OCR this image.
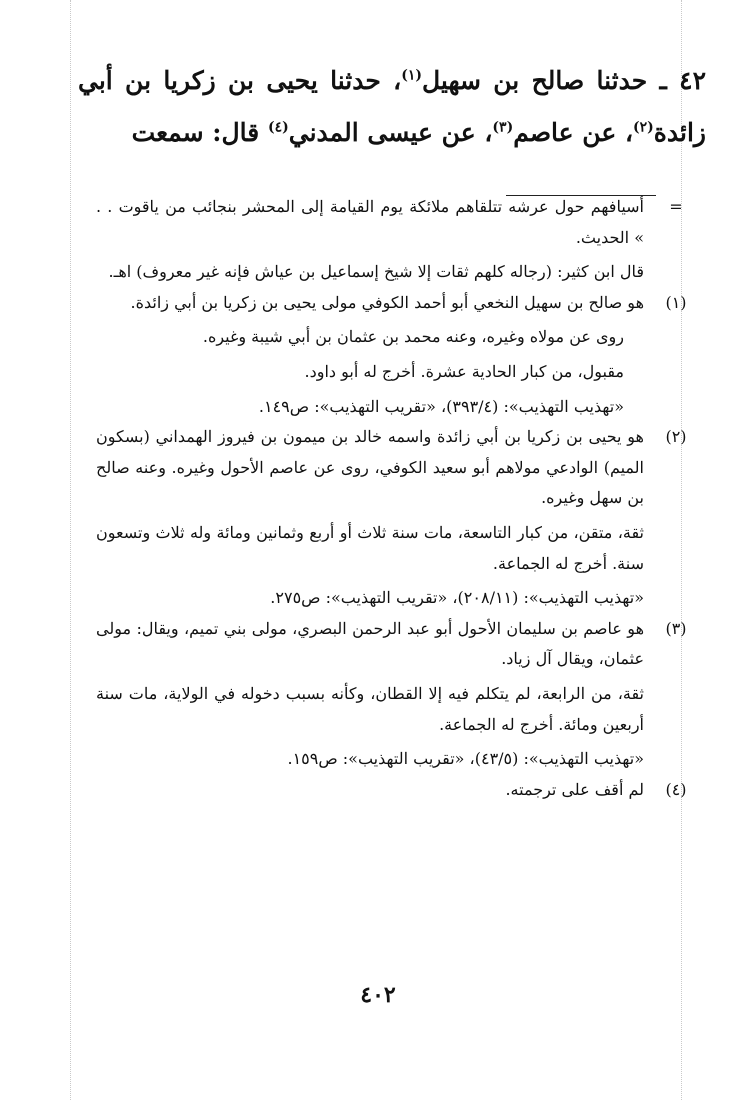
٤٢ ـ حدثنا صالح بن سهيل$^{(١)}$، حدثنا يحيى بن زكريا بن أبي زائدة$^{(٢)}$، عن عاصم$^{(٣)}$، عن عيسى المدني$^{(٤)}$ قال: سمعت
=

أسيافهم حول عرشه تتلقاهم ملائكة يوم القيامة إلى المحشر بنجائب من ياقوت . . » الحديث.

قال ابن كثير: (رجاله كلهم ثقات إلا شيخ إسماعيل بن عياش فإنه غير معروف) اهـ.

(١)

هو صالح بن سهيل النخعي أبو أحمد الكوفي مولى يحيى بن زكريا بن أبي زائدة.

روى عن مولاه وغيره، وعنه محمد بن عثمان بن أبي شيبة وغيره.

مقبول، من كبار الحادية عشرة. أخرج له أبو داود.

«تهذيب التهذيب»: (٣٩٣/٤)، «تقريب التهذيب»: ص١٤٩.

(٢)

هو يحيى بن زكريا بن أبي زائدة واسمه خالد بن ميمون بن فيروز الهمداني (بسكون الميم) الوادعي مولاهم أبو سعيد الكوفي، روى عن عاصم الأحول وغيره. وعنه صالح بن سهل وغيره.

ثقة، متقن، من كبار التاسعة، مات سنة ثلاث أو أربع وثمانين ومائة وله ثلاث وتسعون سنة. أخرج له الجماعة.

«تهذيب التهذيب»: (٢٠٨/١١)، «تقريب التهذيب»: ص٢٧٥.

(٣)

هو عاصم بن سليمان الأحول أبو عبد الرحمن البصري، مولى بني تميم، ويقال: مولى عثمان، ويقال آل زياد.

ثقة، من الرابعة، لم يتكلم فيه إلا القطان، وكأنه بسبب دخوله في الولاية، مات سنة أربعين ومائة. أخرج له الجماعة.

«تهذيب التهذيب»: (٤٣/٥)، «تقريب التهذيب»: ص١٥٩.

(٤)

لم أقف على ترجمته.

٤٠٢
